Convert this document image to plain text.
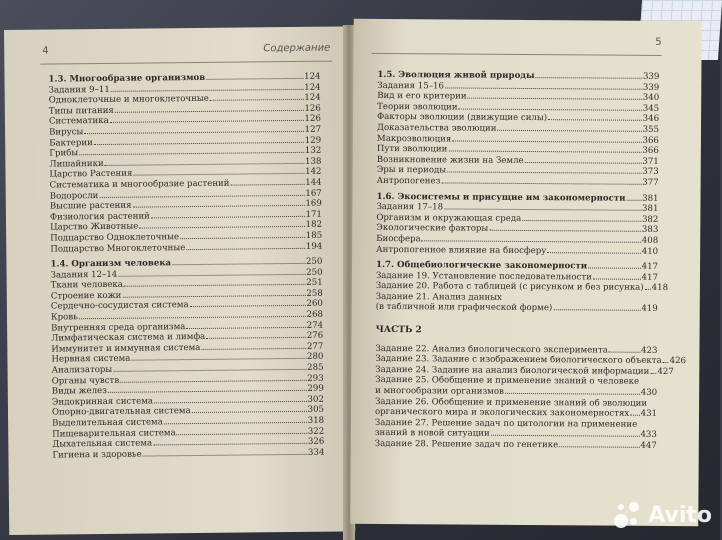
4	Содержание
1.3. Многообразие организмов	124
Задания 9–11	124
Одноклеточные и многоклеточные	124
Типы питания	126
Систематика	126
Вирусы	127
Бактерии	129
Грибы	132
Лишайники	138
Царство Растения	142
Систематика и многообразие растений	144
Водоросли	167
Высшие растения	169
Физиология растений	171
Царство Животные	182
Подцарство Одноклеточные	185
Подцарство Многоклеточные	194
1.4. Организм человека	250
Задания 12–14	250
Ткани человека	251
Строение кожи	258
Сердечно-сосудистая система	260
Кровь	268
Внутренняя среда организма	274
Лимфатическая система и лимфа	276
Иммунитет и иммунная система	277
Нервная система	280
Анализаторы	285
Органы чувств	293
Виды желез	299
Эндокринная система	302
Опорно-двигательная система	305
Выделительная система	318
Пищеварительная система	322
Дыхательная система	326
Гигиена и здоровье	334
5
1.5. Эволюция живой природы	339
Задания 15–16	339
Вид и его критерии	340
Теории эволюции	345
Факторы эволюции (движущие силы)	346
Доказательства эволюции	355
Макроэволюция	366
Пути эволюции	366
Возникновение жизни на Земле	371
Эры и периоды	373
Антропогенез	377
1.6. Экосистемы и присущие им закономерности 381
Задания 17–18	381
Организм и окружающая среда	382
Экологические факторы	383
Биосфера	408
Антропогенное влияние на биосферу	410
1.7. Общебиологические закономерности	417
Задание 19. Установление последовательности	417
Задание 20. Работа с таблицей (с рисунком и без рисунка) 418
Задание 21. Анализ данных
(в табличной или графической форме)	419
ЧАСТЬ 2
Задание 22. Анализ биологического эксперимента	423
Задание 23. Задание с изображением биологического объекта 426
Задание 24. Задание на анализ биологической информации 427
Задание 25. Обобщение и применение знаний о человеке
и многообразии организмов	430
Задание 26. Обобщение и применение знаний об эволюции
органического мира и экологических закономерностях 431
Задание 27. Решение задач по цитологии на применение
знаний в новой ситуации	433
Задание 28. Решение задач по генетике	447
Avito
